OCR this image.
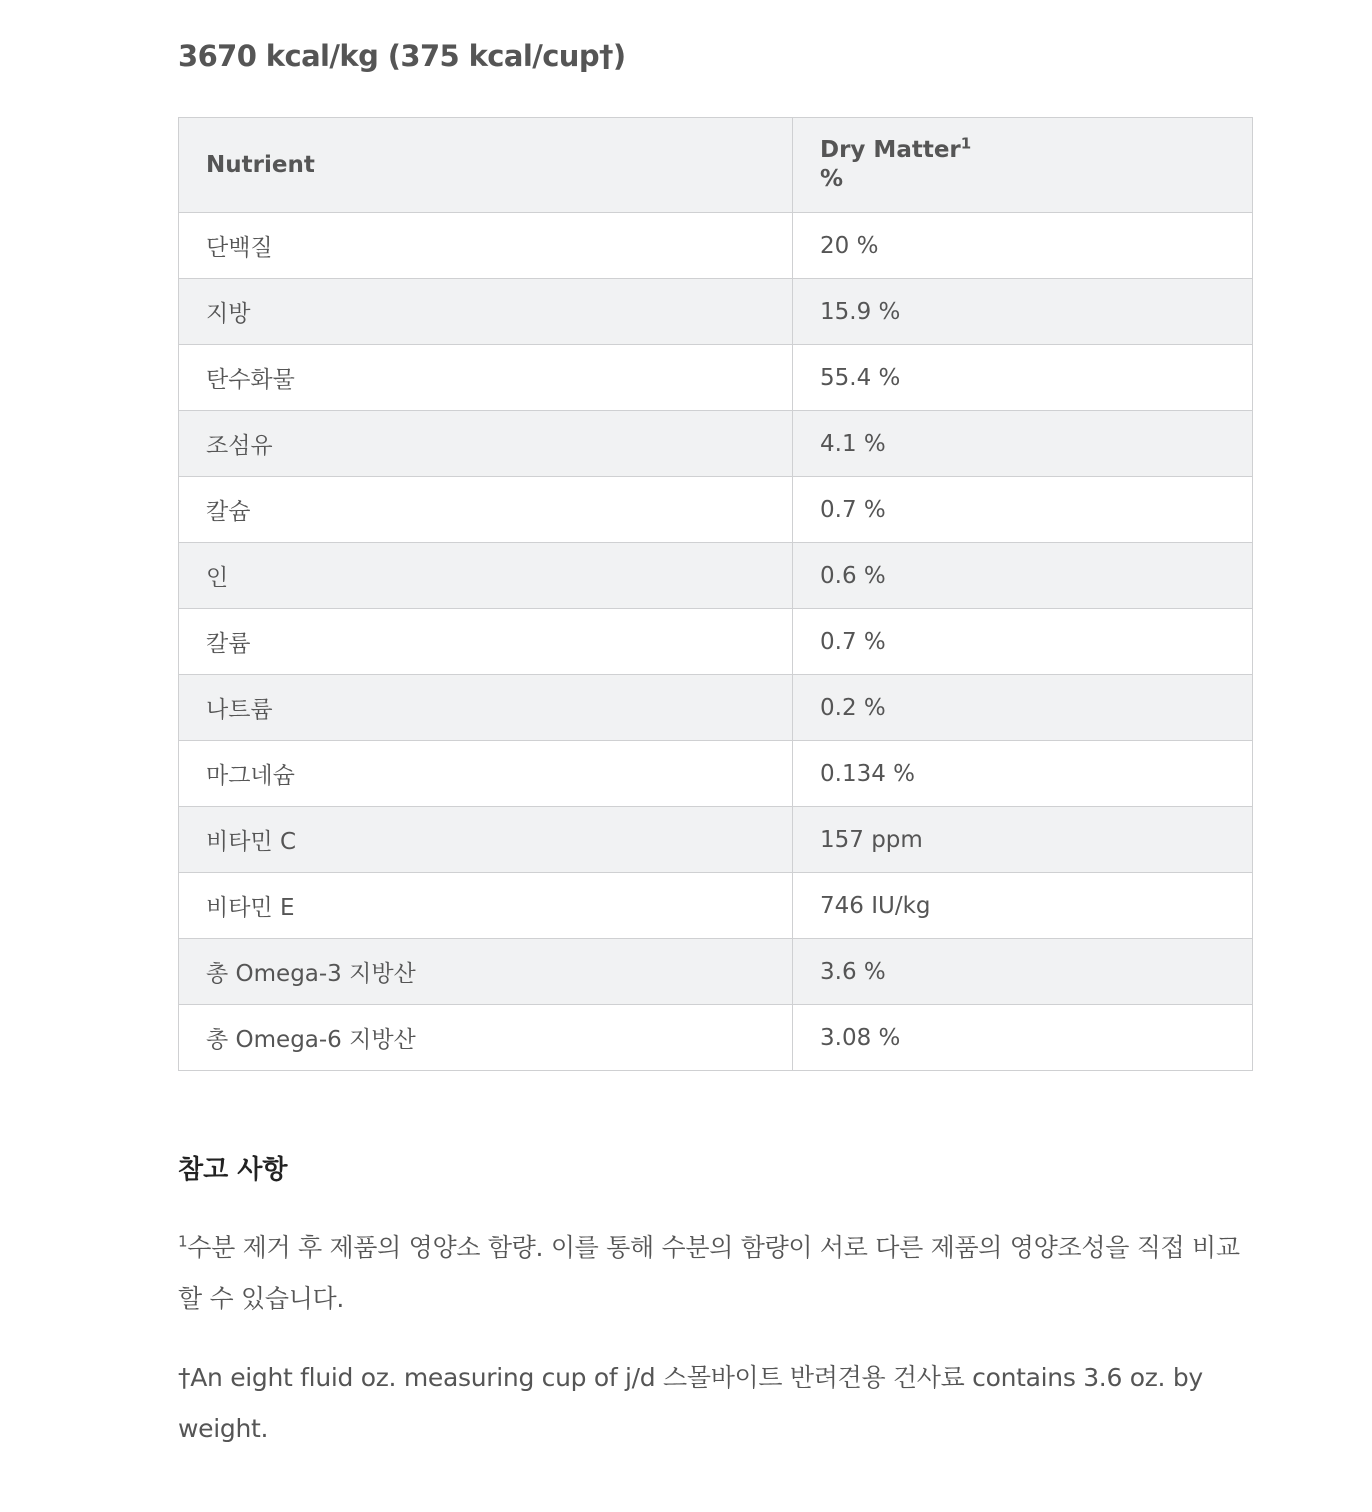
3670 kcal/kg (375 kcal/cup†)
Nutrient	Dry Matter$^1$
%
단백질	20 %
지방	15.9 %
탄수화물	55.4 %
조섬유	4.1 %
칼슘	0.7 %
인	0.6 %
칼륨	0.7 %
나트륨	0.2 %
마그네슘	0.134 %
비타민 C	157 ppm
비타민 E	746 IU/kg
총 Omega-3 지방산	3.6 %
총 Omega-6 지방산	3.08 %
참고 사항

$^1$수분 제거 후 제품의 영양소 함량. 이를 통해 수분의 함량이 서로 다른 제품의 영양조성을 직접 비교할 수 있습니다.

†An eight fluid oz. measuring cup of j/d 스몰바이트 반려견용 건사료 contains 3.6 oz. by weight.
